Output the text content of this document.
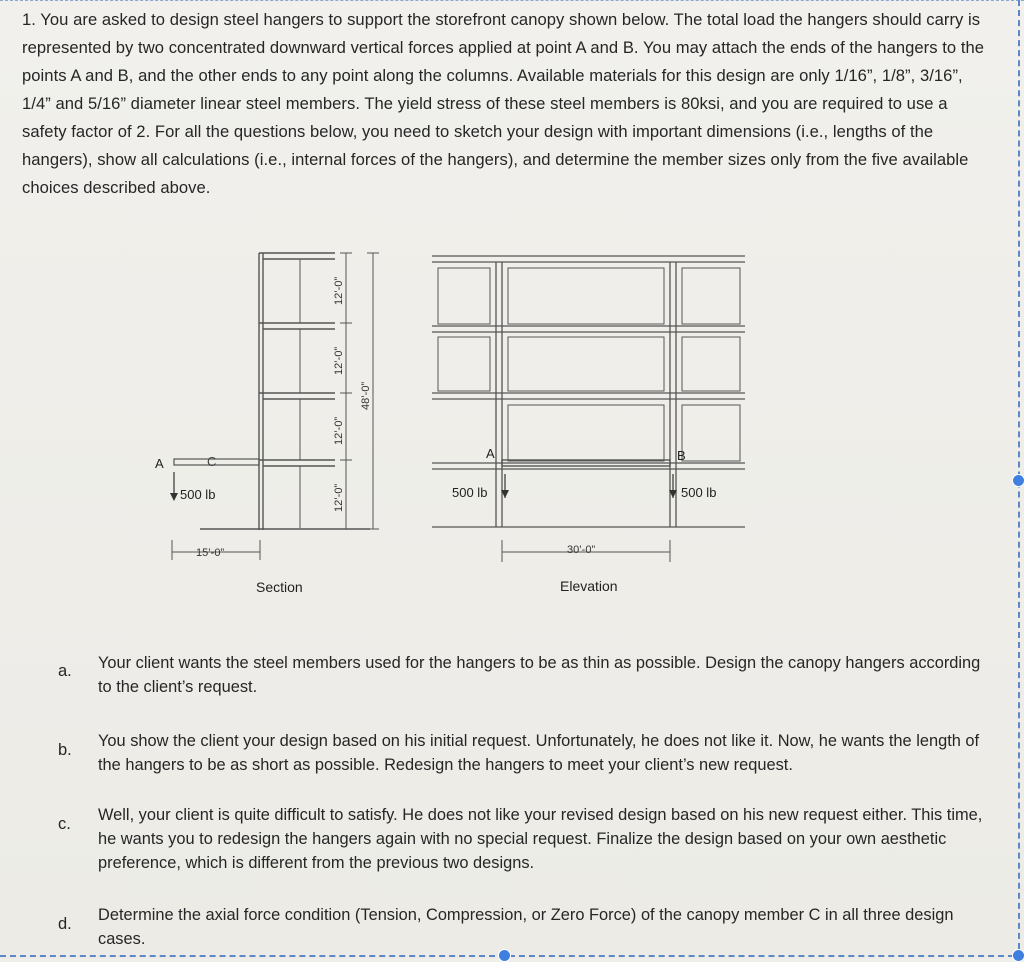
1. You are asked to design steel hangers to support the storefront canopy shown below. The total load the hangers should carry is represented by two concentrated downward vertical forces applied at point A and B. You may attach the ends of the hangers to the points A and B, and the other ends to any point along the columns. Available materials for this design are only 1/16”, 1/8”, 3/16”, 1/4” and 5/16” diameter linear steel members. The yield stress of these steel members is 80ksi, and you are required to use a safety factor of 2. For all the questions below, you need to sketch your design with important dimensions (i.e., lengths of the hangers), show all calculations (i.e., internal forces of the hangers), and determine the member sizes only from the five available choices described above.

A	C
500 lb
15’-0”
Section
12’-0”
12’-0”
12’-0”
12’-0”
48’-0”
A	B
500 lb	500 lb
30’-0”
Elevation
a. Your client wants the steel members used for the hangers to be as thin as possible. Design the canopy hangers according to the client’s request.

b. You show the client your design based on his initial request. Unfortunately, he does not like it. Now, he wants the length of the hangers to be as short as possible. Redesign the hangers to meet your client’s new request.

c. Well, your client is quite difficult to satisfy. He does not like your revised design based on his new request either. This time, he wants you to redesign the hangers again with no special request. Finalize the design based on your own aesthetic preference, which is different from the previous two designs.

d. Determine the axial force condition (Tension, Compression, or Zero Force) of the canopy member C in all three design cases.
